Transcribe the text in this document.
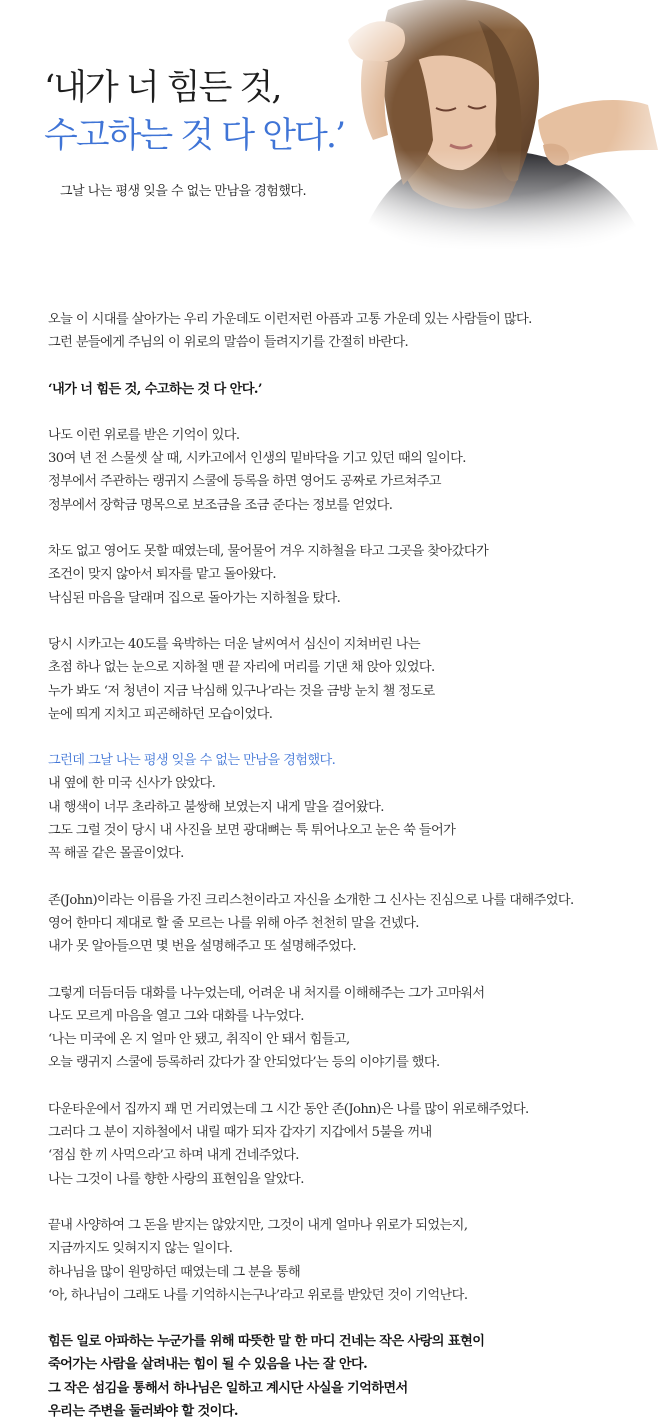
‘내가 너 힘든 것,
수고하는 것 다 안다.’
그날 나는 평생 잊을 수 없는 만남을 경험했다.
오늘 이 시대를 살아가는 우리 가운데도 이런저런 아픔과 고통 가운데 있는 사람들이 많다.
그런 분들에게 주님의 이 위로의 말씀이 들려지기를 간절히 바란다.
‘내가 너 힘든 것, 수고하는 것 다 안다.’
나도 이런 위로를 받은 기억이 있다.
30여 년 전 스물셋 살 때, 시카고에서 인생의 밑바닥을 기고 있던 때의 일이다.
정부에서 주관하는 랭귀지 스쿨에 등록을 하면 영어도 공짜로 가르쳐주고
정부에서 장학금 명목으로 보조금을 조금 준다는 정보를 얻었다.
차도 없고 영어도 못할 때였는데, 물어물어 겨우 지하철을 타고 그곳을 찾아갔다가
조건이 맞지 않아서 퇴자를 맡고 돌아왔다.
낙심된 마음을 달래며 집으로 돌아가는 지하철을 탔다.
당시 시카고는 40도를 육박하는 더운 날씨여서 심신이 지쳐버린 나는
초점 하나 없는 눈으로 지하철 맨 끝 자리에 머리를 기댄 채 앉아 있었다.
누가 봐도 ‘저 청년이 지금 낙심해 있구나’라는 것을 금방 눈치 챌 정도로
눈에 띄게 지치고 피곤해하던 모습이었다.
그런데 그날 나는 평생 잊을 수 없는 만남을 경험했다.
내 옆에 한 미국 신사가 앉았다.
내 행색이 너무 초라하고 불쌍해 보였는지 내게 말을 걸어왔다.
그도 그럴 것이 당시 내 사진을 보면 광대뼈는 툭 튀어나오고 눈은 쑥 들어가
꼭 해골 같은 몰골이었다.
존(John)이라는 이름을 가진 크리스천이라고 자신을 소개한 그 신사는 진심으로 나를 대해주었다.
영어 한마디 제대로 할 줄 모르는 나를 위해 아주 천천히 말을 건넸다.
내가 못 알아들으면 몇 번을 설명해주고 또 설명해주었다.
그렇게 더듬더듬 대화를 나누었는데, 어려운 내 처지를 이해해주는 그가 고마워서
나도 모르게 마음을 열고 그와 대화를 나누었다.
‘나는 미국에 온 지 얼마 안 됐고, 취직이 안 돼서 힘들고,
오늘 랭귀지 스쿨에 등록하러 갔다가 잘 안되었다’는 등의 이야기를 했다.
다운타운에서 집까지 꽤 먼 거리였는데 그 시간 동안 존(John)은 나를 많이 위로해주었다.
그러다 그 분이 지하철에서 내릴 때가 되자 갑자기 지갑에서 5불을 꺼내
‘점심 한 끼 사먹으라’고 하며 내게 건네주었다.
나는 그것이 나를 향한 사랑의 표현임을 알았다.
끝내 사양하여 그 돈을 받지는 않았지만, 그것이 내게 얼마나 위로가 되었는지,
지금까지도 잊혀지지 않는 일이다.
하나님을 많이 원망하던 때였는데 그 분을 통해
‘아, 하나님이 그래도 나를 기억하시는구나’라고 위로를 받았던 것이 기억난다.
힘든 일로 아파하는 누군가를 위해 따뜻한 말 한 마디 건네는 작은 사랑의 표현이
죽어가는 사람을 살려내는 힘이 될 수 있음을 나는 잘 안다.
그 작은 섬김을 통해서 하나님은 일하고 계시단 사실을 기억하면서
우리는 주변을 둘러봐야 할 것이다.
